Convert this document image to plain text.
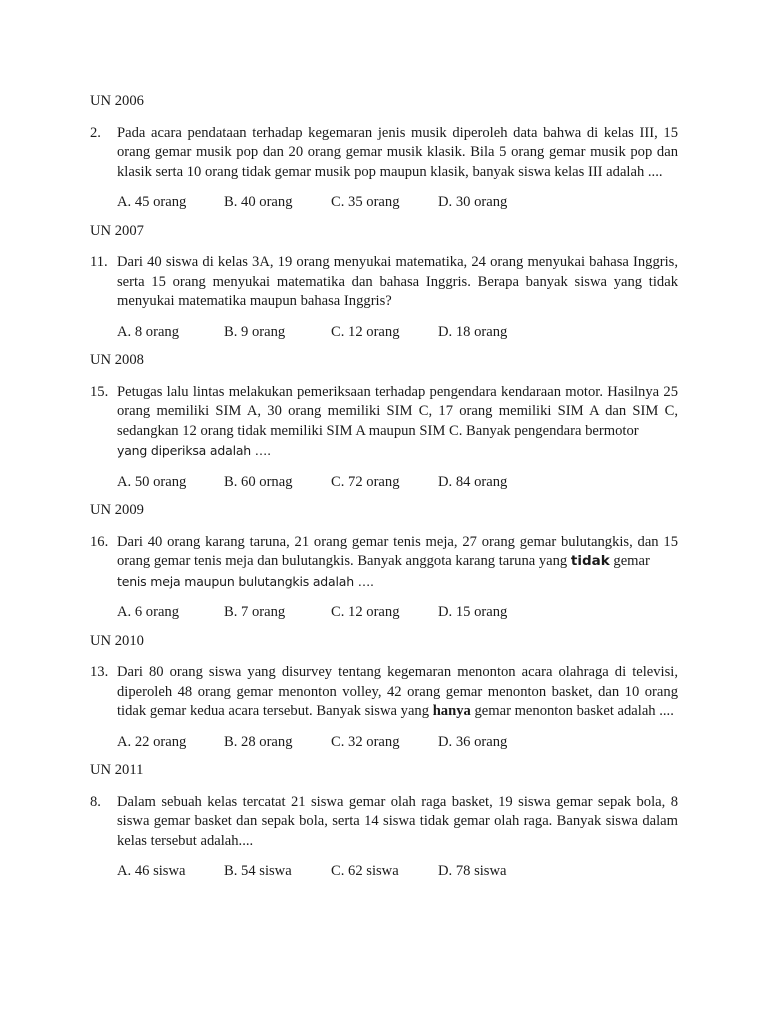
UN 2006
2. Pada acara pendataan terhadap kegemaran jenis musik diperoleh data bahwa di kelas III, 15 orang gemar musik pop dan 20 orang gemar musik klasik. Bila 5 orang gemar musik pop dan klasik serta 10 orang tidak gemar musik pop maupun klasik, banyak siswa kelas III adalah ....
A. 45 orang	B. 40 orang	C. 35 orang	D. 30 orang
UN 2007
11. Dari 40 siswa di kelas 3A, 19 orang menyukai matematika, 24 orang menyukai bahasa Inggris, serta 15 orang menyukai matematika dan bahasa Inggris. Berapa banyak siswa yang tidak menyukai matematika maupun bahasa Inggris?
A. 8 orang	B. 9 orang	C. 12 orang	D. 18 orang
UN 2008
15. Petugas lalu lintas melakukan pemeriksaan terhadap pengendara kendaraan motor. Hasilnya 25 orang memiliki SIM A, 30 orang memiliki SIM C, 17 orang memiliki SIM A dan SIM C, sedangkan 12 orang tidak memiliki SIM A maupun SIM C. Banyak pengendara bermotor
yang diperiksa adalah ….
A. 50 orang	B. 60 ornag	C. 72 orang	D. 84 orang
UN 2009
16. Dari 40 orang karang taruna, 21 orang gemar tenis meja, 27 orang gemar bulutangkis, dan 15 orang gemar tenis meja dan bulutangkis. Banyak anggota karang taruna yang tidak gemar
tenis meja maupun bulutangkis adalah ….
A. 6 orang	B. 7 orang	C. 12 orang	D. 15 orang
UN 2010
13. Dari 80 orang siswa yang disurvey tentang kegemaran menonton acara olahraga di televisi, diperoleh 48 orang gemar menonton volley, 42 orang gemar menonton basket, dan 10 orang tidak gemar kedua acara tersebut. Banyak siswa yang hanya gemar menonton basket adalah ....
A. 22 orang	B. 28 orang	C. 32 orang	D. 36 orang
UN 2011
8. Dalam sebuah kelas tercatat 21 siswa gemar olah raga basket, 19 siswa gemar sepak bola, 8 siswa gemar basket dan sepak bola, serta 14 siswa tidak gemar olah raga. Banyak siswa dalam kelas tersebut adalah....
A. 46 siswa	B. 54 siswa	C. 62 siswa	D. 78 siswa
